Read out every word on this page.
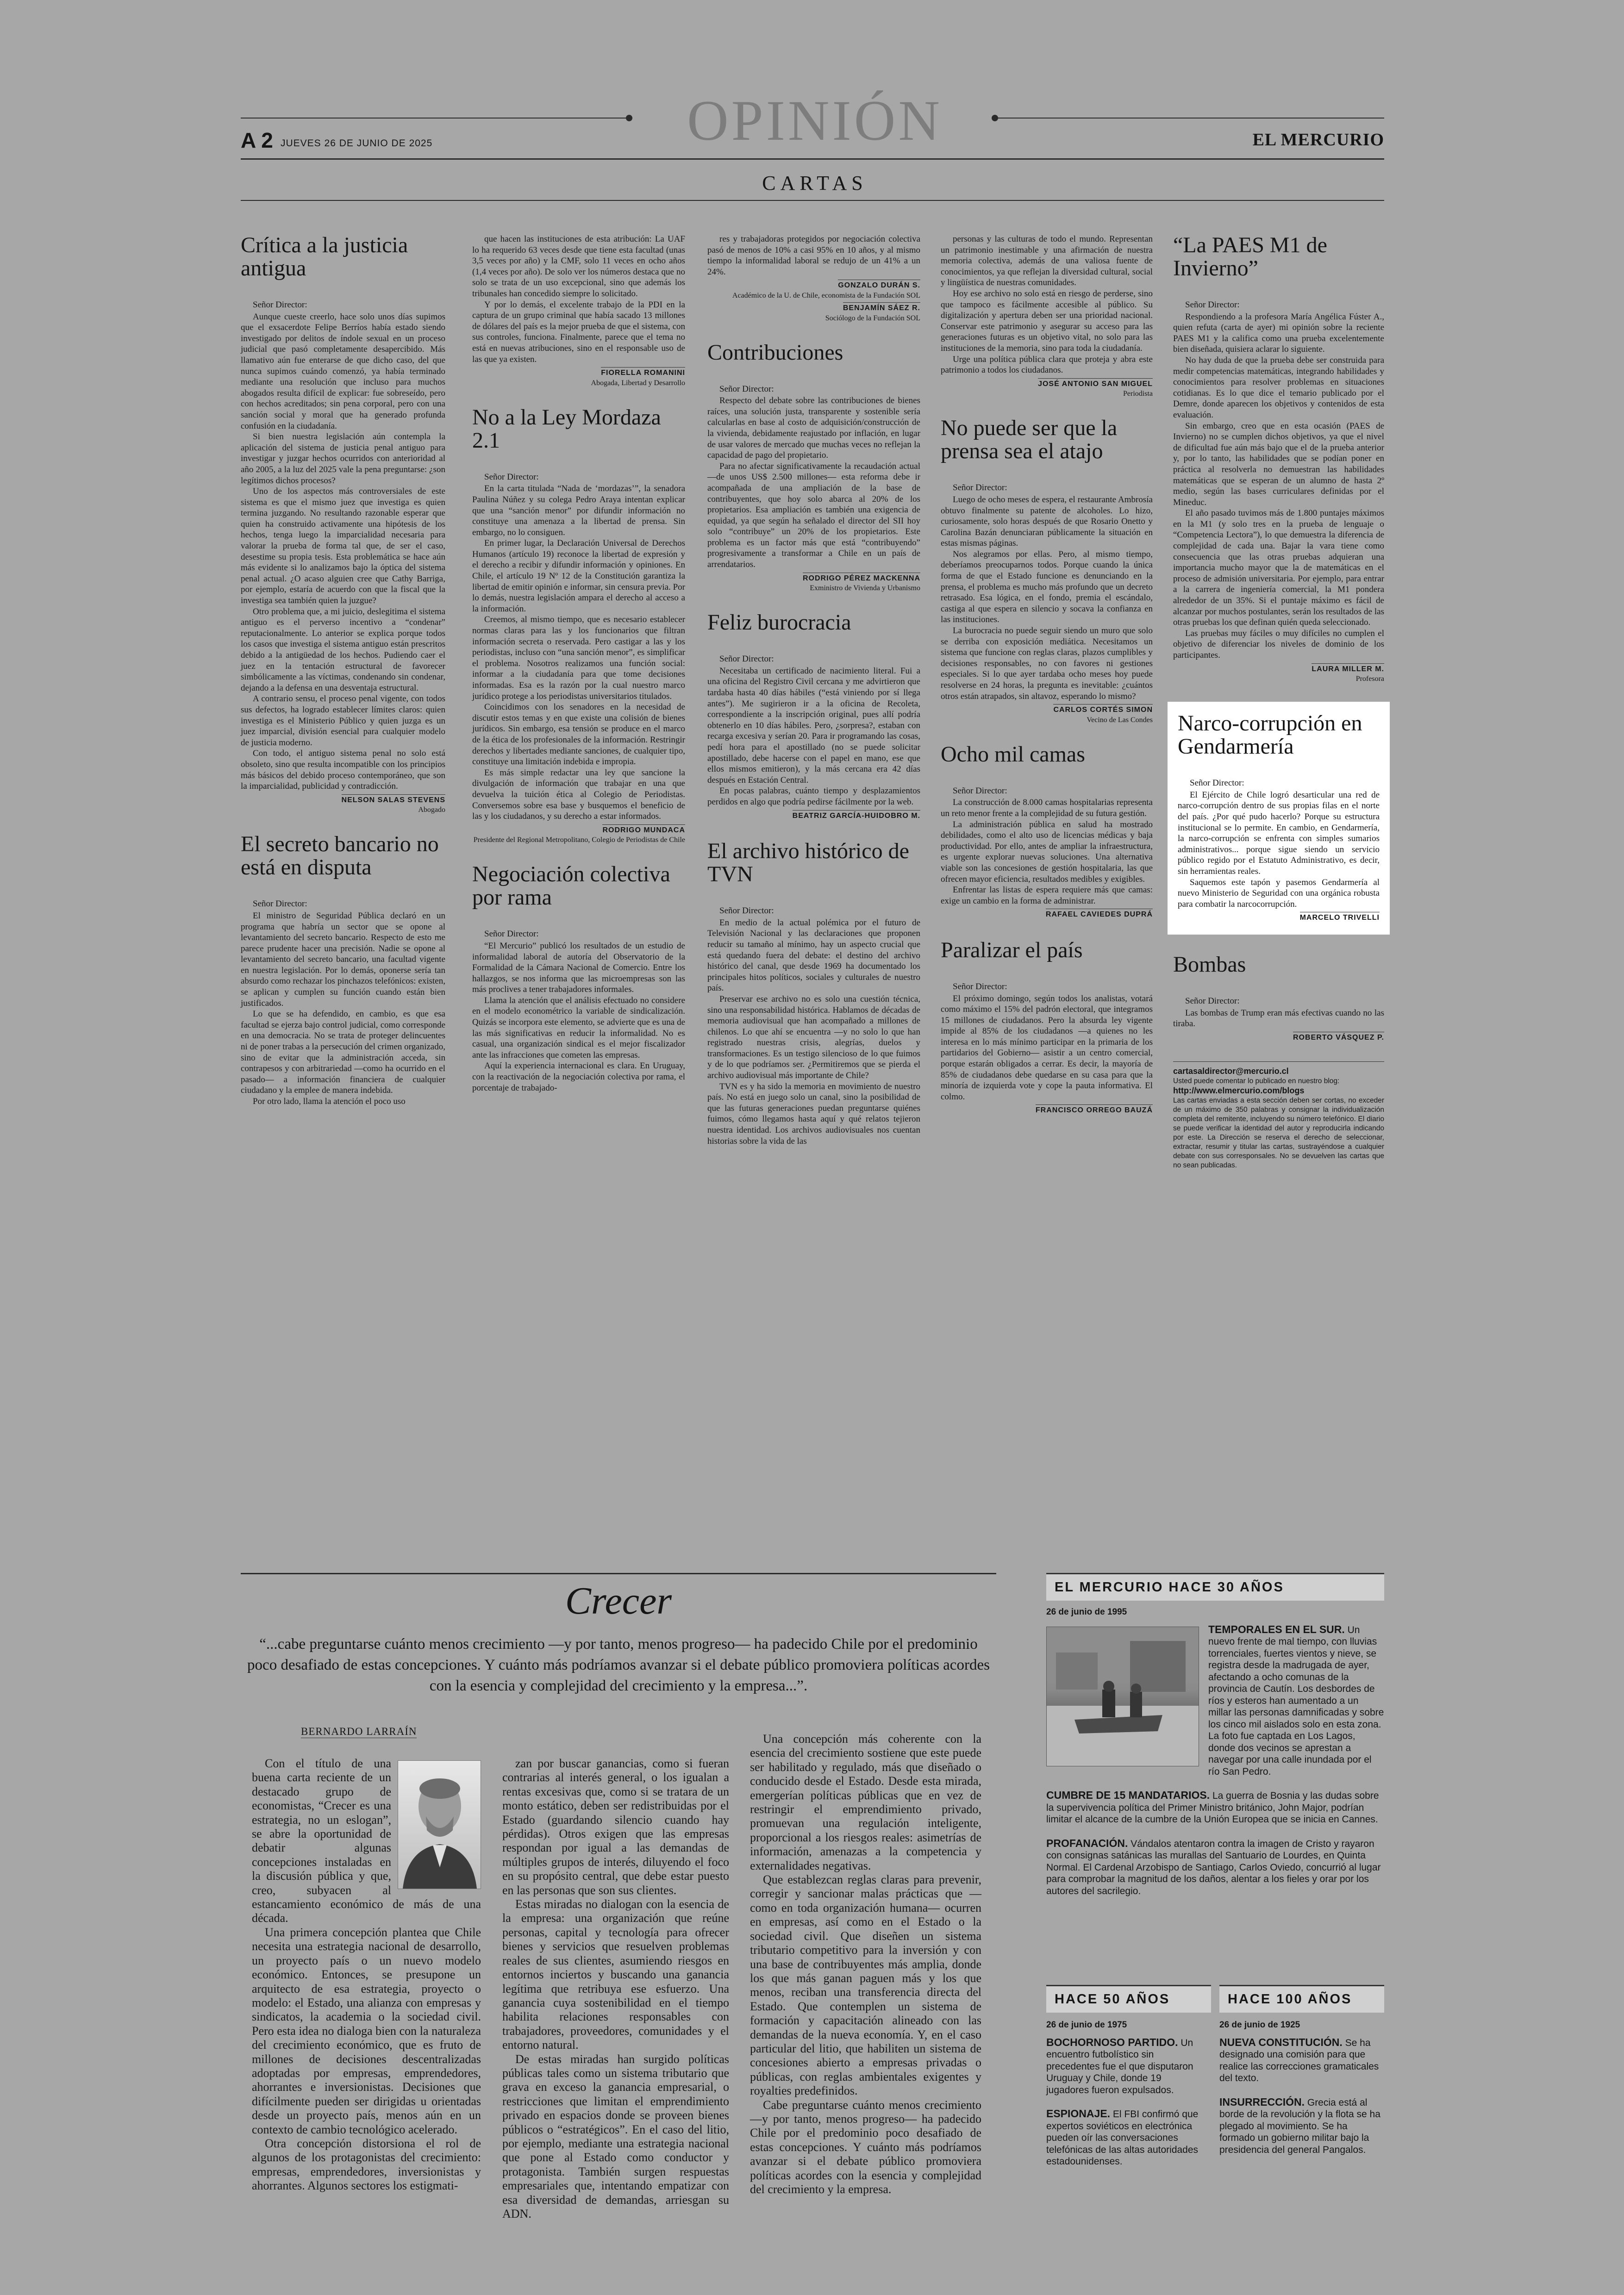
A 2 JUEVES 26 DE JUNIO DE 2025	OPINIÓN	EL MERCURIO
CARTAS
Crítica a la justicia antigua
Señor Director:

Aunque cueste creerlo, hace solo unos días supimos que el exsacerdote Felipe Berríos había estado siendo investigado por delitos de índole sexual en un proceso judicial que pasó completamente desapercibido. Más llamativo aún fue enterarse de que dicho caso, del que nunca supimos cuándo comenzó, ya había terminado mediante una resolución que incluso para muchos abogados resulta difícil de explicar: fue sobreseído, pero con hechos acreditados; sin pena corporal, pero con una sanción social y moral que ha generado profunda confusión en la ciudadanía.

Si bien nuestra legislación aún contempla la aplicación del sistema de justicia penal antiguo para investigar y juzgar hechos ocurridos con anterioridad al año 2005, a la luz del 2025 vale la pena preguntarse: ¿son legítimos dichos procesos?

Uno de los aspectos más controversiales de este sistema es que el mismo juez que investiga es quien termina juzgando. No resultando razonable esperar que quien ha construido activamente una hipótesis de los hechos, tenga luego la imparcialidad necesaria para valorar la prueba de forma tal que, de ser el caso, desestime su propia tesis. Esta problemática se hace aún más evidente si lo analizamos bajo la óptica del sistema penal actual. ¿O acaso alguien cree que Cathy Barriga, por ejemplo, estaría de acuerdo con que la fiscal que la investiga sea también quien la juzgue?

Otro problema que, a mi juicio, deslegitima el sistema antiguo es el perverso incentivo a “condenar” reputacionalmente. Lo anterior se explica porque todos los casos que investiga el sistema antiguo están prescritos debido a la antigüedad de los hechos. Pudiendo caer el juez en la tentación estructural de favorecer simbólicamente a las víctimas, condenando sin condenar, dejando a la defensa en una desventaja estructural.

A contrario sensu, el proceso penal vigente, con todos sus defectos, ha logrado establecer límites claros: quien investiga es el Ministerio Público y quien juzga es un juez imparcial, división esencial para cualquier modelo de justicia moderno.

Con todo, el antiguo sistema penal no solo está obsoleto, sino que resulta incompatible con los principios más básicos del debido proceso contemporáneo, que son la imparcialidad, publicidad y contradicción.

NELSON SALAS STEVENS
Abogado
El secreto bancario no está en disputa
Señor Director:

El ministro de Seguridad Pública declaró en un programa que habría un sector que se opone al levantamiento del secreto bancario. Respecto de esto me parece prudente hacer una precisión. Nadie se opone al levantamiento del secreto bancario, una facultad vigente en nuestra legislación. Por lo demás, oponerse sería tan absurdo como rechazar los pinchazos telefónicos: existen, se aplican y cumplen su función cuando están bien justificados.

Lo que se ha defendido, en cambio, es que esa facultad se ejerza bajo control judicial, como corresponde en una democracia. No se trata de proteger delincuentes ni de poner trabas a la persecución del crimen organizado, sino de evitar que la administración acceda, sin contrapesos y con arbitrariedad —como ha ocurrido en el pasado— a información financiera de cualquier ciudadano y la emplee de manera indebida.

Por otro lado, llama la atención el poco uso

que hacen las instituciones de esta atribución: La UAF lo ha requerido 63 veces desde que tiene esta facultad (unas 3,5 veces por año) y la CMF, solo 11 veces en ocho años (1,4 veces por año). De solo ver los números destaca que no solo se trata de un uso excepcional, sino que además los tribunales han concedido siempre lo solicitado.

Y por lo demás, el excelente trabajo de la PDI en la captura de un grupo criminal que había sacado 13 millones de dólares del país es la mejor prueba de que el sistema, con sus controles, funciona. Finalmente, parece que el tema no está en nuevas atribuciones, sino en el responsable uso de las que ya existen.

FIORELLA ROMANINI
Abogada, Libertad y Desarrollo
No a la Ley Mordaza 2.1
Señor Director:

En la carta titulada “Nada de ‘mordazas’”, la senadora Paulina Núñez y su colega Pedro Araya intentan explicar que una “sanción menor” por difundir información no constituye una amenaza a la libertad de prensa. Sin embargo, no lo consiguen.

En primer lugar, la Declaración Universal de Derechos Humanos (artículo 19) reconoce la libertad de expresión y el derecho a recibir y difundir información y opiniones. En Chile, el artículo 19 Nº 12 de la Constitución garantiza la libertad de emitir opinión e informar, sin censura previa. Por lo demás, nuestra legislación ampara el derecho al acceso a la información.

Creemos, al mismo tiempo, que es necesario establecer normas claras para las y los funcionarios que filtran información secreta o reservada. Pero castigar a las y los periodistas, incluso con “una sanción menor”, es simplificar el problema. Nosotros realizamos una función social: informar a la ciudadanía para que tome decisiones informadas. Esa es la razón por la cual nuestro marco jurídico protege a los periodistas universitarios titulados.

Coincidimos con los senadores en la necesidad de discutir estos temas y en que existe una colisión de bienes jurídicos. Sin embargo, esa tensión se produce en el marco de la ética de los profesionales de la información. Restringir derechos y libertades mediante sanciones, de cualquier tipo, constituye una limitación indebida e impropia.

Es más simple redactar una ley que sancione la divulgación de información que trabajar en una que devuelva la tuición ética al Colegio de Periodistas. Conversemos sobre esa base y busquemos el beneficio de las y los ciudadanos, y su derecho a estar informados.

RODRIGO MUNDACA
Presidente del Regional Metropolitano, Colegio de Periodistas de Chile
Negociación colectiva por rama
Señor Director:

“El Mercurio” publicó los resultados de un estudio de informalidad laboral de autoría del Observatorio de la Formalidad de la Cámara Nacional de Comercio. Entre los hallazgos, se nos informa que las microempresas son las más proclives a tener trabajadores informales.

Llama la atención que el análisis efectuado no considere en el modelo econométrico la variable de sindicalización. Quizás se incorpora este elemento, se advierte que es una de las más significativas en reducir la informalidad. No es casual, una organización sindical es el mejor fiscalizador ante las infracciones que cometen las empresas.

Aquí la experiencia internacional es clara. En Uruguay, con la reactivación de la negociación colectiva por rama, el porcentaje de trabajado-

res y trabajadoras protegidos por negociación colectiva pasó de menos de 10% a casi 95% en 10 años, y al mismo tiempo la informalidad laboral se redujo de un 41% a un 24%.

GONZALO DURÁN S.
Académico de la U. de Chile, economista de la Fundación SOL
BENJAMÍN SÁEZ R.
Sociólogo de la Fundación SOL
Contribuciones
Señor Director:

Respecto del debate sobre las contribuciones de bienes raíces, una solución justa, transparente y sostenible sería calcularlas en base al costo de adquisición/construcción de la vivienda, debidamente reajustado por inflación, en lugar de usar valores de mercado que muchas veces no reflejan la capacidad de pago del propietario.

Para no afectar significativamente la recaudación actual —de unos US$ 2.500 millones— esta reforma debe ir acompañada de una ampliación de la base de contribuyentes, que hoy solo abarca al 20% de los propietarios. Esa ampliación es también una exigencia de equidad, ya que según ha señalado el director del SII hoy solo “contribuye” un 20% de los propietarios. Este problema es un factor más que está “contribuyendo” progresivamente a transformar a Chile en un país de arrendatarios.

RODRIGO PÉREZ MACKENNA
Exministro de Vivienda y Urbanismo
Feliz burocracia
Señor Director:

Necesitaba un certificado de nacimiento literal. Fui a una oficina del Registro Civil cercana y me advirtieron que tardaba hasta 40 días hábiles (“está viniendo por sí llega antes”). Me sugirieron ir a la oficina de Recoleta, correspondiente a la inscripción original, pues allí podría obtenerlo en 10 días hábiles. Pero, ¿sorpresa?, estaban con recarga excesiva y serían 20. Para ir programando las cosas, pedí hora para el apostillado (no se puede solicitar apostillado, debe hacerse con el papel en mano, ese que ellos mismos emitieron), y la más cercana era 42 días después en Estación Central.

En pocas palabras, cuánto tiempo y desplazamientos perdidos en algo que podría pedirse fácilmente por la web.

BEATRIZ GARCÍA-HUIDOBRO M.
El archivo histórico de TVN
Señor Director:

En medio de la actual polémica por el futuro de Televisión Nacional y las declaraciones que proponen reducir su tamaño al mínimo, hay un aspecto crucial que está quedando fuera del debate: el destino del archivo histórico del canal, que desde 1969 ha documentado los principales hitos políticos, sociales y culturales de nuestro país.

Preservar ese archivo no es solo una cuestión técnica, sino una responsabilidad histórica. Hablamos de décadas de memoria audiovisual que han acompañado a millones de chilenos. Lo que ahí se encuentra —y no solo lo que han registrado nuestras crisis, alegrías, duelos y transformaciones. Es un testigo silencioso de lo que fuimos y de lo que podríamos ser. ¿Permitiremos que se pierda el archivo audiovisual más importante de Chile?

TVN es y ha sido la memoria en movimiento de nuestro país. No está en juego solo un canal, sino la posibilidad de que las futuras generaciones puedan preguntarse quiénes fuimos, cómo llegamos hasta aquí y qué relatos tejieron nuestra identidad. Los archivos audiovisuales nos cuentan historias sobre la vida de las

personas y las culturas de todo el mundo. Representan un patrimonio inestimable y una afirmación de nuestra memoria colectiva, además de una valiosa fuente de conocimientos, ya que reflejan la diversidad cultural, social y lingüística de nuestras comunidades.

Hoy ese archivo no solo está en riesgo de perderse, sino que tampoco es fácilmente accesible al público. Su digitalización y apertura deben ser una prioridad nacional. Conservar este patrimonio y asegurar su acceso para las generaciones futuras es un objetivo vital, no solo para las instituciones de la memoria, sino para toda la ciudadanía.

Urge una política pública clara que proteja y abra este patrimonio a todos los ciudadanos.

JOSÉ ANTONIO SAN MIGUEL
Periodista
No puede ser que la prensa sea el atajo
Señor Director:

Luego de ocho meses de espera, el restaurante Ambrosía obtuvo finalmente su patente de alcoholes. Lo hizo, curiosamente, solo horas después de que Rosario Onetto y Carolina Bazán denunciaran públicamente la situación en estas mismas páginas.

Nos alegramos por ellas. Pero, al mismo tiempo, deberíamos preocuparnos todos. Porque cuando la única forma de que el Estado funcione es denunciando en la prensa, el problema es mucho más profundo que un decreto retrasado. Esa lógica, en el fondo, premia el escándalo, castiga al que espera en silencio y socava la confianza en las instituciones.

La burocracia no puede seguir siendo un muro que solo se derriba con exposición mediática. Necesitamos un sistema que funcione con reglas claras, plazos cumplibles y decisiones responsables, no con favores ni gestiones especiales. Si lo que ayer tardaba ocho meses hoy puede resolverse en 24 horas, la pregunta es inevitable: ¿cuántos otros están atrapados, sin altavoz, esperando lo mismo?

CARLOS CORTÉS SIMON
Vecino de Las Condes
Ocho mil camas
Señor Director:

La construcción de 8.000 camas hospitalarias representa un reto menor frente a la complejidad de su futura gestión.

La administración pública en salud ha mostrado debilidades, como el alto uso de licencias médicas y baja productividad. Por ello, antes de ampliar la infraestructura, es urgente explorar nuevas soluciones. Una alternativa viable son las concesiones de gestión hospitalaria, las que ofrecen mayor eficiencia, resultados medibles y exigibles.

Enfrentar las listas de espera requiere más que camas: exige un cambio en la forma de administrar.

RAFAEL CAVIEDES DUPRÁ
Paralizar el país
Señor Director:

El próximo domingo, según todos los analistas, votará como máximo el 15% del padrón electoral, que integramos 15 millones de ciudadanos. Pero la absurda ley vigente impide al 85% de los ciudadanos —a quienes no les interesa en lo más mínimo participar en la primaria de los partidarios del Gobierno— asistir a un centro comercial, porque estarán obligados a cerrar. Es decir, la mayoría de 85% de ciudadanos debe quedarse en su casa para que la minoría de izquierda vote y cope la pauta informativa. El colmo.

FRANCISCO ORREGO BAUZÁ
“La PAES M1 de Invierno”
Señor Director:

Respondiendo a la profesora María Angélica Fúster A., quien refuta (carta de ayer) mi opinión sobre la reciente PAES M1 y la califica como una prueba excelentemente bien diseñada, quisiera aclarar lo siguiente.

No hay duda de que la prueba debe ser construida para medir competencias matemáticas, integrando habilidades y conocimientos para resolver problemas en situaciones cotidianas. Es lo que dice el temario publicado por el Demre, donde aparecen los objetivos y contenidos de esta evaluación.

Sin embargo, creo que en esta ocasión (PAES de Invierno) no se cumplen dichos objetivos, ya que el nivel de dificultad fue aún más bajo que el de la prueba anterior y, por lo tanto, las habilidades que se podían poner en práctica al resolverla no demuestran las habilidades matemáticas que se esperan de un alumno de hasta 2º medio, según las bases curriculares definidas por el Mineduc.

El año pasado tuvimos más de 1.800 puntajes máximos en la M1 (y solo tres en la prueba de lenguaje o “Competencia Lectora”), lo que demuestra la diferencia de complejidad de cada una. Bajar la vara tiene como consecuencia que las otras pruebas adquieran una importancia mucho mayor que la de matemáticas en el proceso de admisión universitaria. Por ejemplo, para entrar a la carrera de ingeniería comercial, la M1 pondera alrededor de un 35%. Si el puntaje máximo es fácil de alcanzar por muchos postulantes, serán los resultados de las otras pruebas los que definan quién queda seleccionado.

Las pruebas muy fáciles o muy difíciles no cumplen el objetivo de diferenciar los niveles de dominio de los participantes.

LAURA MILLER M.
Profesora
Narco-corrupción en Gendarmería
Señor Director:

El Ejército de Chile logró desarticular una red de narco-corrupción dentro de sus propias filas en el norte del país. ¿Por qué pudo hacerlo? Porque su estructura institucional se lo permite. En cambio, en Gendarmería, la narco-corrupción se enfrenta con simples sumarios administrativos... porque sigue siendo un servicio público regido por el Estatuto Administrativo, es decir, sin herramientas reales.

Saquemos este tapón y pasemos Gendarmería al nuevo Ministerio de Seguridad con una orgánica robusta para combatir la narcocorrupción.

MARCELO TRIVELLI
Bombas
Señor Director:

Las bombas de Trump eran más efectivas cuando no las tiraba.

ROBERTO VÁSQUEZ P.
cartasaldirector@mercurio.cl
Usted puede comentar lo publicado en nuestro blog:
http://www.elmercurio.com/blogs
Las cartas enviadas a esta sección deben ser cortas, no exceder de un máximo de 350 palabras y consignar la individualización completa del remitente, incluyendo su número telefónico. El diario se puede verificar la identidad del autor y reproducirla indicando por este. La Dirección se reserva el derecho de seleccionar, extractar, resumir y titular las cartas, sustrayéndose a cualquier debate con sus corresponsales. No se devuelven las cartas que no sean publicadas.
Crecer
“...cabe preguntarse cuánto menos crecimiento —y por tanto, menos progreso— ha padecido Chile por el predominio poco desafiado de estas concepciones. Y cuánto más podríamos avanzar si el debate público promoviera políticas acordes con la esencia y complejidad del crecimiento y la empresa...”.
BERNARDO LARRAÍN

Con el título de una buena carta reciente de un destacado grupo de economistas, “Crecer es una estrategia, no un eslogan”, se abre la oportunidad de debatir algunas concepciones instaladas en la discusión pública y que, creo, subyacen al estancamiento económico de más de una década.

Una primera concepción plantea que Chile necesita una estrategia nacional de desarrollo, un proyecto país o un nuevo modelo económico. Entonces, se presupone un arquitecto de esa estrategia, proyecto o modelo: el Estado, una alianza con empresas y sindicatos, la academia o la sociedad civil. Pero esta idea no dialoga bien con la naturaleza del crecimiento económico, que es fruto de millones de decisiones descentralizadas adoptadas por empresas, emprendedores, ahorrantes e inversionistas. Decisiones que difícilmente pueden ser dirigidas u orientadas desde un proyecto país, menos aún en un contexto de cambio tecnológico acelerado.

Otra concepción distorsiona el rol de algunos de los protagonistas del crecimiento: empresas, emprendedores, inversionistas y ahorrantes. Algunos sectores los estigmati-

zan por buscar ganancias, como si fueran contrarias al interés general, o los igualan a rentas excesivas que, como si se tratara de un monto estático, deben ser redistribuidas por el Estado (guardando silencio cuando hay pérdidas). Otros exigen que las empresas respondan por igual a las demandas de múltiples grupos de interés, diluyendo el foco en su propósito central, que debe estar puesto en las personas que son sus clientes.

Estas miradas no dialogan con la esencia de la empresa: una organización que reúne personas, capital y tecnología para ofrecer bienes y servicios que resuelven problemas reales de sus clientes, asumiendo riesgos en entornos inciertos y buscando una ganancia legítima que retribuya ese esfuerzo. Una ganancia cuya sostenibilidad en el tiempo habilita relaciones responsables con trabajadores, proveedores, comunidades y el entorno natural.

De estas miradas han surgido políticas públicas tales como un sistema tributario que grava en exceso la ganancia empresarial, o restricciones que limitan el emprendimiento privado en espacios donde se proveen bienes públicos o “estratégicos”. En el caso del litio, por ejemplo, mediante una estrategia nacional que pone al Estado como conductor y protagonista. También surgen respuestas empresariales que, intentando empatizar con esa diversidad de demandas, arriesgan su ADN.

Una concepción más coherente con la esencia del crecimiento sostiene que este puede ser habilitado y regulado, más que diseñado o conducido desde el Estado. Desde esta mirada, emergerían políticas públicas que en vez de restringir el emprendimiento privado, promuevan una regulación inteligente, proporcional a los riesgos reales: asimetrías de información, amenazas a la competencia y externalidades negativas.

Que establezcan reglas claras para prevenir, corregir y sancionar malas prácticas que —como en toda organización humana— ocurren en empresas, así como en el Estado o la sociedad civil. Que diseñen un sistema tributario competitivo para la inversión y con una base de contribuyentes más amplia, donde los que más ganan paguen más y los que menos, reciban una transferencia directa del Estado. Que contemplen un sistema de formación y capacitación alineado con las demandas de la nueva economía. Y, en el caso particular del litio, que habiliten un sistema de concesiones abierto a empresas privadas o públicas, con reglas ambientales exigentes y royalties predefinidos.

Cabe preguntarse cuánto menos crecimiento —y por tanto, menos progreso— ha padecido Chile por el predominio poco desafiado de estas concepciones. Y cuánto más podríamos avanzar si el debate público promoviera políticas acordes con la esencia y complejidad del crecimiento y la empresa.

EL MERCURIO HACE 30 AÑOS
26 de junio de 1995

TEMPORALES EN EL SUR. Un nuevo frente de mal tiempo, con lluvias torrenciales, fuertes vientos y nieve, se registra desde la madrugada de ayer, afectando a ocho comunas de la provincia de Cautín. Los desbordes de ríos y esteros han aumentado a un millar las personas damnificadas y sobre los cinco mil aislados solo en esta zona. La foto fue captada en Los Lagos, donde dos vecinos se aprestan a navegar por una calle inundada por el río San Pedro.

CUMBRE DE 15 MANDATARIOS. La guerra de Bosnia y las dudas sobre la supervivencia política del Primer Ministro británico, John Major, podrían limitar el alcance de la cumbre de la Unión Europea que se inicia en Cannes.

PROFANACIÓN. Vándalos atentaron contra la imagen de Cristo y rayaron con consignas satánicas las murallas del Santuario de Lourdes, en Quinta Normal. El Cardenal Arzobispo de Santiago, Carlos Oviedo, concurrió al lugar para comprobar la magnitud de los daños, alentar a los fieles y orar por los autores del sacrilegio.

HACE 50 AÑOS
26 de junio de 1975

BOCHORNOSO PARTIDO. Un encuentro futbolístico sin precedentes fue el que disputaron Uruguay y Chile, donde 19 jugadores fueron expulsados.

ESPIONAJE. El FBI confirmó que expertos soviéticos en electrónica pueden oír las conversaciones telefónicas de las altas autoridades estadounidenses.

HACE 100 AÑOS
26 de junio de 1925

NUEVA CONSTITUCIÓN. Se ha designado una comisión para que realice las correcciones gramaticales del texto.

INSURRECCIÓN. Grecia está al borde de la revolución y la flota se ha plegado al movimiento. Se ha formado un gobierno militar bajo la presidencia del general Pangalos.
